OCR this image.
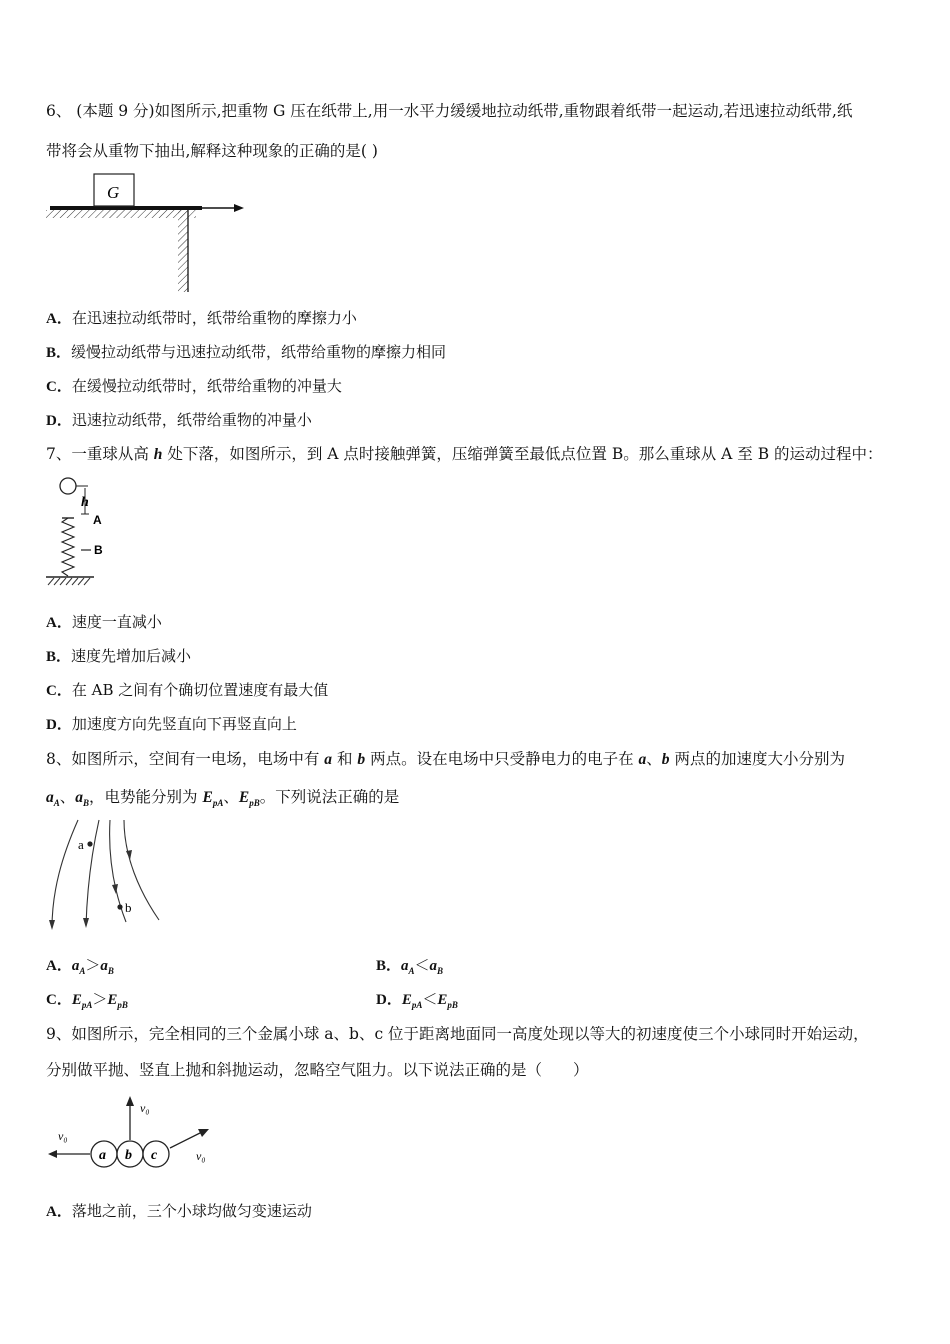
6、 (本题 9 分)如图所示,把重物 G 压在纸带上,用一水平力缓缓地拉动纸带,重物跟着纸带一起运动,若迅速拉动纸带,纸
带将会从重物下抽出,解释这种现象的正确的是( )
G
A．在迅速拉动纸带时，纸带给重物的摩擦力小
B．缓慢拉动纸带与迅速拉动纸带，纸带给重物的摩擦力相同
C．在缓慢拉动纸带时，纸带给重物的冲量大
D．迅速拉动纸带，纸带给重物的冲量小
7、一重球从高 h 处下落，如图所示，到 A 点时接触弹簧，压缩弹簧至最低点位置 B。那么重球从 A 至 B 的运动过程中：
h
A
B
A．速度一直减小
B．速度先增加后减小
C．在 AB 之间有个确切位置速度有最大值
D．加速度方向先竖直向下再竖直向上
8、如图所示，空间有一电场，电场中有 a 和 b 两点。设在电场中只受静电力的电子在 a、b 两点的加速度大小分别为
$a_A$、$a_B$，电势能分别为 $E_{pA}$、$E_{pB}$。下列说法正确的是
a
b
A．$a_A>a_B$	B．$a_A<a_B$
C．$E_{pA}>E_{pB}$	D．$E_{pA}<E_{pB}$
9、如图所示，完全相同的三个金属小球 a、b、c 位于距离地面同一高度处现以等大的初速度使三个小球同时开始运动，
分别做平抛、竖直上抛和斜抛运动，忽略空气阻力。以下说法正确的是（　　）
v₀
v₀
v₀
a b c
A．落地之前，三个小球均做匀变速运动
